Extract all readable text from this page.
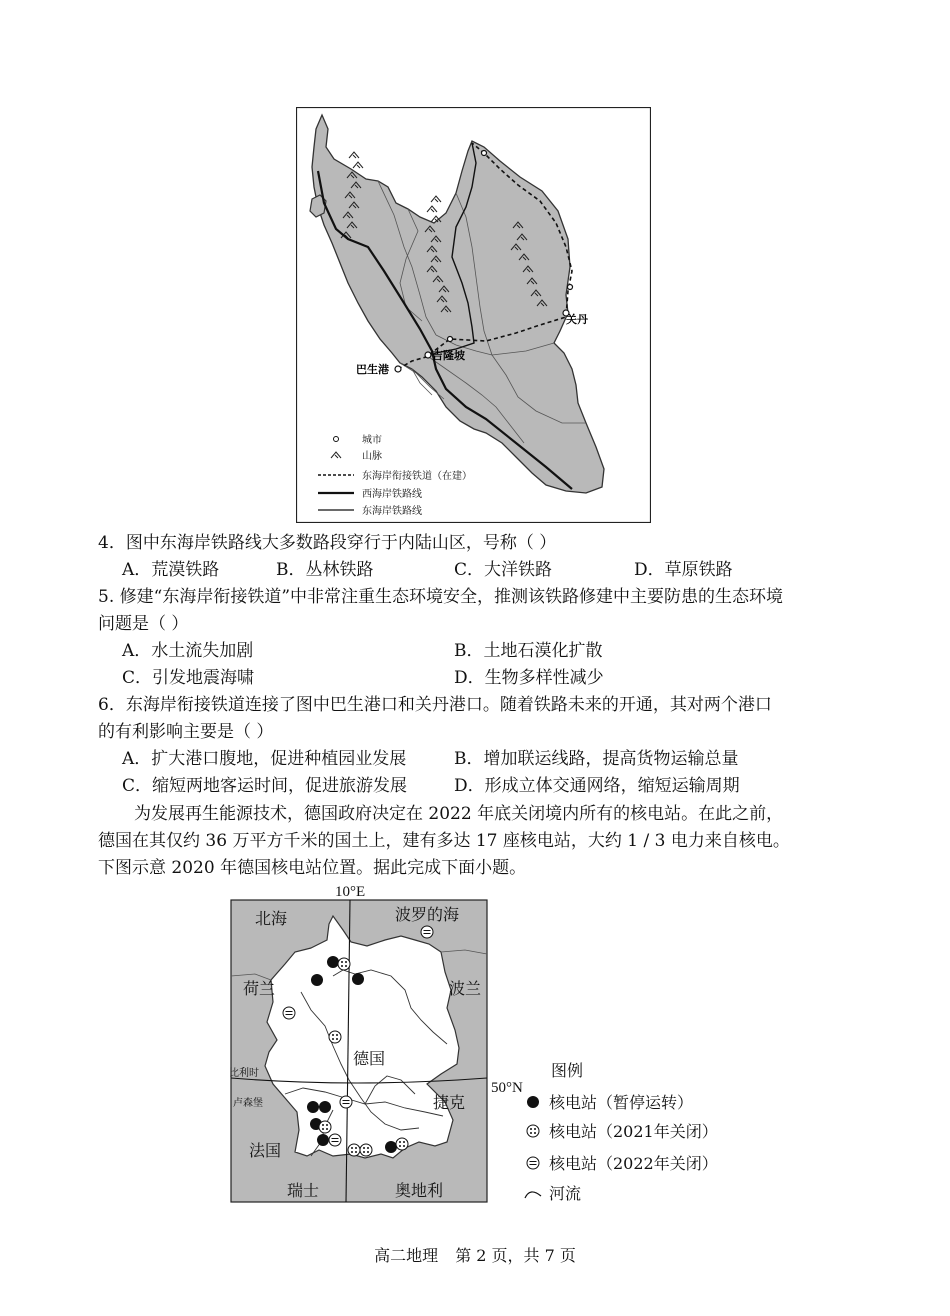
关丹
吉隆坡
巴生港
城市
山脉
东海岸衔接铁道（在建）
西海岸铁路线
东海岸铁路线
4．图中东海岸铁路线大多数路段穿行于内陆山区，号称（ ）
A．荒漠铁路	B．丛林铁路	C．大洋铁路	D．草原铁路
5. 修建“东海岸衔接铁道”中非常注重生态环境安全，推测该铁路修建中主要防患的生态环境
问题是（ ）
A．水土流失加剧	B．土地石漠化扩散
C．引发地震海啸	D．生物多样性减少
6．东海岸衔接铁道连接了图中巴生港口和关丹港口。随着铁路未来的开通，其对两个港口
的有利影响主要是（ ）
A．扩大港口腹地，促进种植园业发展	B．增加联运线路，提高货物运输总量
C．缩短两地客运时间，促进旅游发展	D．形成立体交通网络，缩短运输周期
为发展再生能源技术，德国政府决定在 2022 年底关闭境内所有的核电站。在此之前，
德国在其仅约 36 万平方千米的国土上，建有多达 17 座核电站，大约 1 / 3 电力来自核电。
下图示意 2020 年德国核电站位置。据此完成下面小题。
10°E
50°N
北海	波罗的海
荷兰	波兰
德国
比利时
卢森堡	捷克
法国
瑞士	奥地利
图例
核电站（暂停运转）
核电站（2021年关闭）
核电站（2022年关闭）
河流
高二地理 第 2 页，共 7 页
